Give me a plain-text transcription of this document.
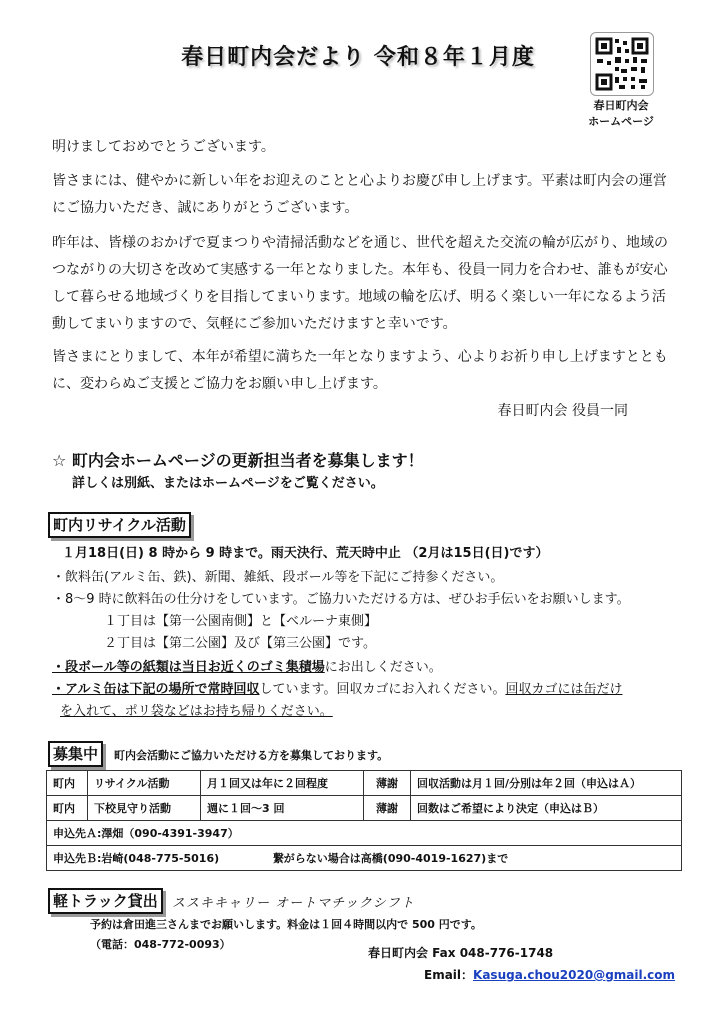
春日町内会だより 令和８年１月度
春日町内会
ホームページ
明けましておめでとうございます。
皆さまには、健やかに新しい年をお迎えのことと心よりお慶び申し上げます。平素は町内会の運営にご協力いただき、誠にありがとうございます。
昨年は、皆様のおかげで夏まつりや清掃活動などを通じ、世代を超えた交流の輪が広がり、地域のつながりの大切さを改めて実感する一年となりました。本年も、役員一同力を合わせ、誰もが安心して暮らせる地域づくりを目指してまいります。地域の輪を広げ、明るく楽しい一年になるよう活動してまいりますので、気軽にご参加いただけますと幸いです。
皆さまにとりまして、本年が希望に満ちた一年となりますよう、心よりお祈り申し上げますとともに、変わらぬご支援とご協力をお願い申し上げます。
春日町内会 役員一同
☆ 町内会ホームページの更新担当者を募集します！
詳しくは別紙、またはホームページをご覧ください。
町内リサイクル活動
１月18日(日) 8 時から 9 時まで。雨天決行、荒天時中止 （2月は15日(日)です）
・飲料缶(アルミ缶、鉄)、新聞、雑紙、段ボール等を下記にご持参ください。
・8～9 時に飲料缶の仕分けをしています。ご協力いただける方は、ぜひお手伝いをお願いします。
１丁目は【第一公園南側】と【ベルーナ東側】
２丁目は【第二公園】及び【第三公園】です。
・段ボール等の紙類は当日お近くのゴミ集積場にお出しください。
・アルミ缶は下記の場所で常時回収しています。回収カゴにお入れください。回収カゴには缶だけ
を入れて、ポリ袋などはお持ち帰りください。
募集中	町内会活動にご協力いただける方を募集しております。
町内	リサイクル活動	月１回又は年に２回程度	薄謝	回収活動は月１回/分別は年２回（申込はＡ）
町内	下校見守り活動	週に１回～3 回	薄謝	回数はご希望により決定（申込はＢ）
申込先Ａ:澤畑（090-4391-3947）				
申込先Ｂ:岩崎(048-775-5016) 繋がらない場合は高橋(090-4019-1627)まで				
軽トラック貸出	ススキキャリー オートマチックシフト
予約は倉田進三さんまでお願いします。料金は１回４時間以内で 500 円です。
（電話：048-772-0093）
春日町内会 Fax 048-776-1748
Email：Kasuga.chou2020@gmail.com
